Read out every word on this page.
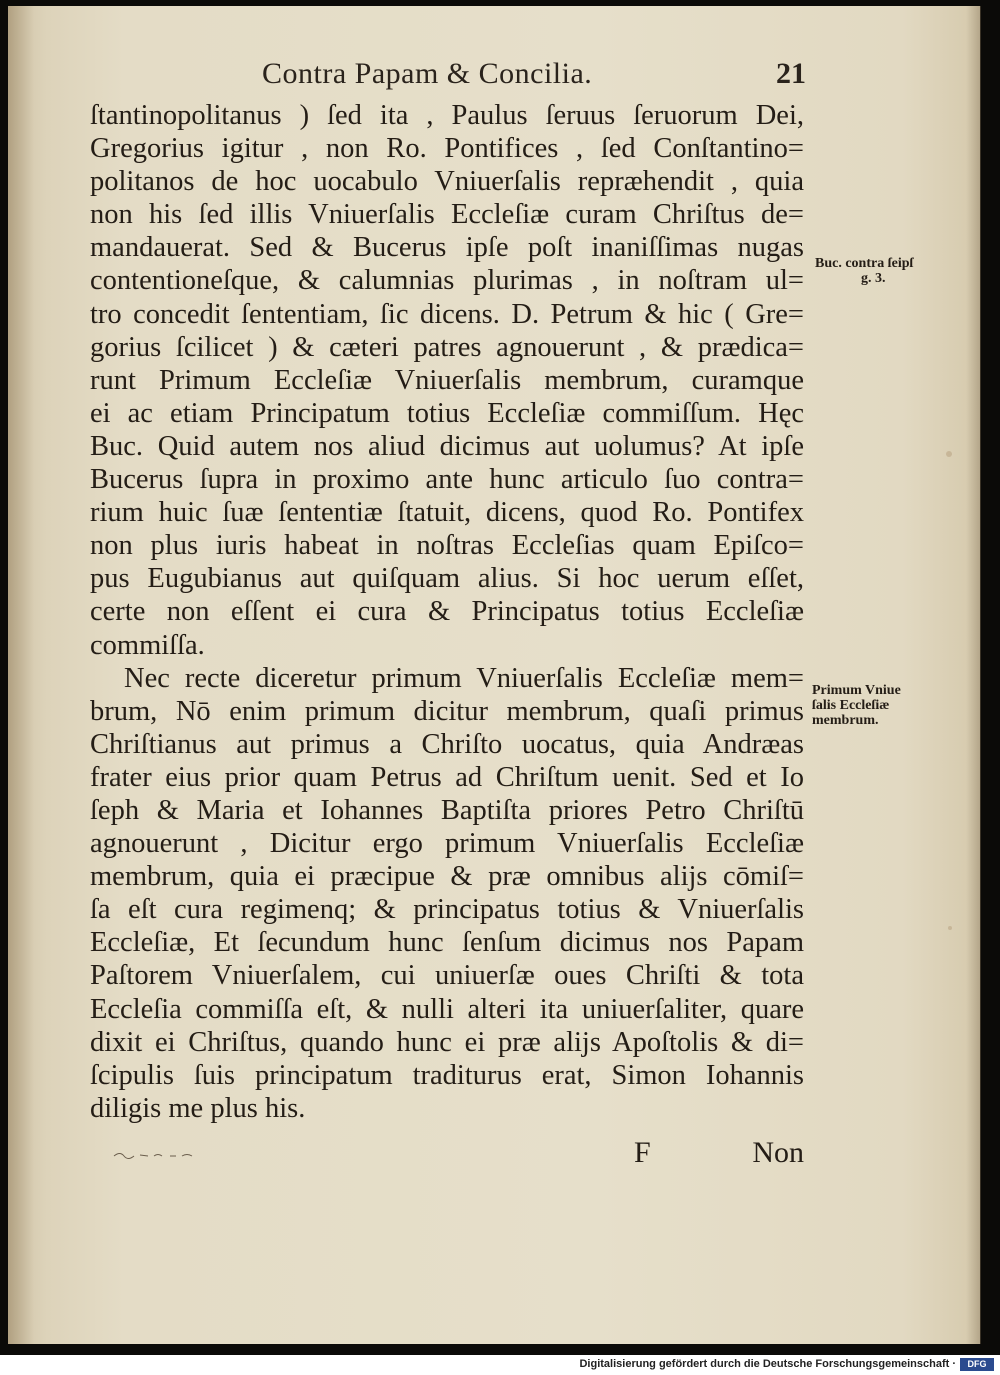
Contra Papam & Concilia.	21
ſtantinopolitanus ) ſed ita , Paulus ſeruus ſeruorum Dei,
Gregorius igitur , non Ro. Pontifices , ſed Conſtantino=
politanos de hoc uocabulo Vniuerſalis repræhendit , quia
non his ſed illis Vniuerſalis Eccleſiæ curam Chriſtus de=
mandauerat. Sed & Bucerus ipſe poſt inaniſſimas nugas
contentioneſque, & calumnias plurimas , in noſtram ul=
tro concedit ſententiam, ſic dicens. D. Petrum & hic ( Gre=
gorius ſcilicet ) & cæteri patres agnouerunt , & prædica=
runt Primum Eccleſiæ Vniuerſalis membrum, curamque
ei ac etiam Principatum totius Eccleſiæ commiſſum. Hęc
Buc. Quid autem nos aliud dicimus aut uolumus? At ipſe
Bucerus ſupra in proximo ante hunc articulo ſuo contra=
rium huic ſuæ ſententiæ ſtatuit, dicens, quod Ro. Pontifex
non plus iuris habeat in noſtras Eccleſias quam Epiſco=
pus Eugubianus aut quiſquam alius. Si hoc uerum eſſet,
certe non eſſent ei cura & Principatus totius Eccleſiæ
commiſſa.
Nec recte diceretur primum Vniuerſalis Eccleſiæ mem=
brum, Nō enim primum dicitur membrum, quaſi primus
Chriſtianus aut primus a Chriſto uocatus, quia Andræas
frater eius prior quam Petrus ad Chriſtum uenit. Sed et Io
ſeph & Maria et Iohannes Baptiſta priores Petro Chriſtū
agnouerunt , Dicitur ergo primum Vniuerſalis Eccleſiæ
membrum, quia ei præcipue & præ omnibus alijs cōmiſ=
ſa eſt cura regimenq; & principatus totius & Vniuerſalis
Eccleſiæ, Et ſecundum hunc ſenſum dicimus nos Papam
Paſtorem Vniuerſalem, cui uniuerſæ oues Chriſti & tota
Eccleſia commiſſa eſt, & nulli alteri ita uniuerſaliter, quare
dixit ei Chriſtus, quando hunc ei præ alijs Apoſtolis & di=
ſcipulis ſuis principatum traditurus erat, Simon Iohannis
diligis me plus his.
Buc. contra ſeipſ
g. 3.
Primum Vniue
ſalis Eccleſiæ
membrum.
F	Non
Digitalisierung gefördert durch die Deutsche Forschungsgemeinschaft ·	DFG
